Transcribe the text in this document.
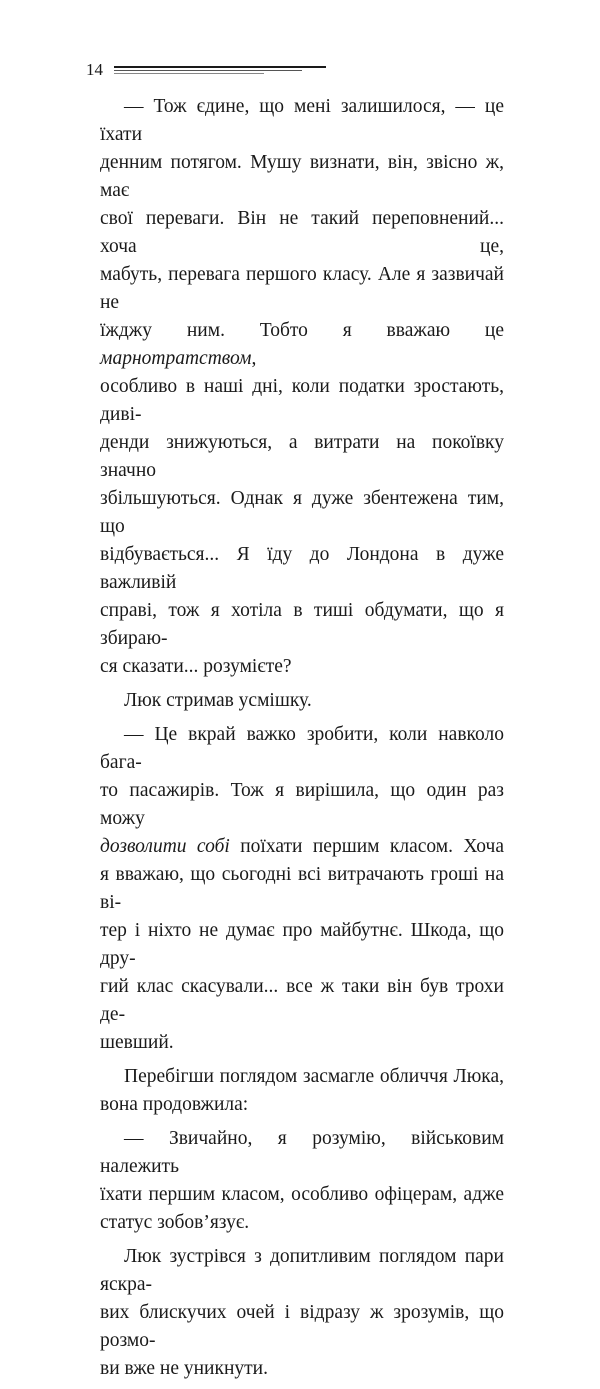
14

— Тож єдине, що мені залишилося, — це їхати
денним потягом. Мушу визнати, він, звісно ж, має
свої переваги. Він не такий переповнений... хоча це,
мабуть, перевага першого класу. Але я зазвичай не
їжджу ним. Тобто я вважаю це марнотратством,
особливо в наші дні, коли податки зростають, диві-
денди знижуються, а витрати на покоївку значно
збільшуються. Однак я дуже збентежена тим, що
відбувається... Я їду до Лондона в дуже важливій
справі, тож я хотіла в тиші обдумати, що я збираю-
ся сказати... розумієте?

Люк стримав усмішку.

— Це вкрай важко зробити, коли навколо бага-
то пасажирів. Тож я вирішила, що один раз можу
дозволити собі поїхати першим класом. Хоча
я вважаю, що сьогодні всі витрачають гроші на ві-
тер і ніхто не думає про майбутнє. Шкода, що дру-
гий клас скасували... все ж таки він був трохи де-
шевший.

Перебігши поглядом засмагле обличчя Люка,
вона продовжила:

— Звичайно, я розумію, військовим належить
їхати першим класом, особливо офіцерам, адже
статус зобов’язує.

Люк зустрівся з допитливим поглядом пари яскра-
вих блискучих очей і відразу ж зрозумів, що розмо-
ви вже не уникнути.
